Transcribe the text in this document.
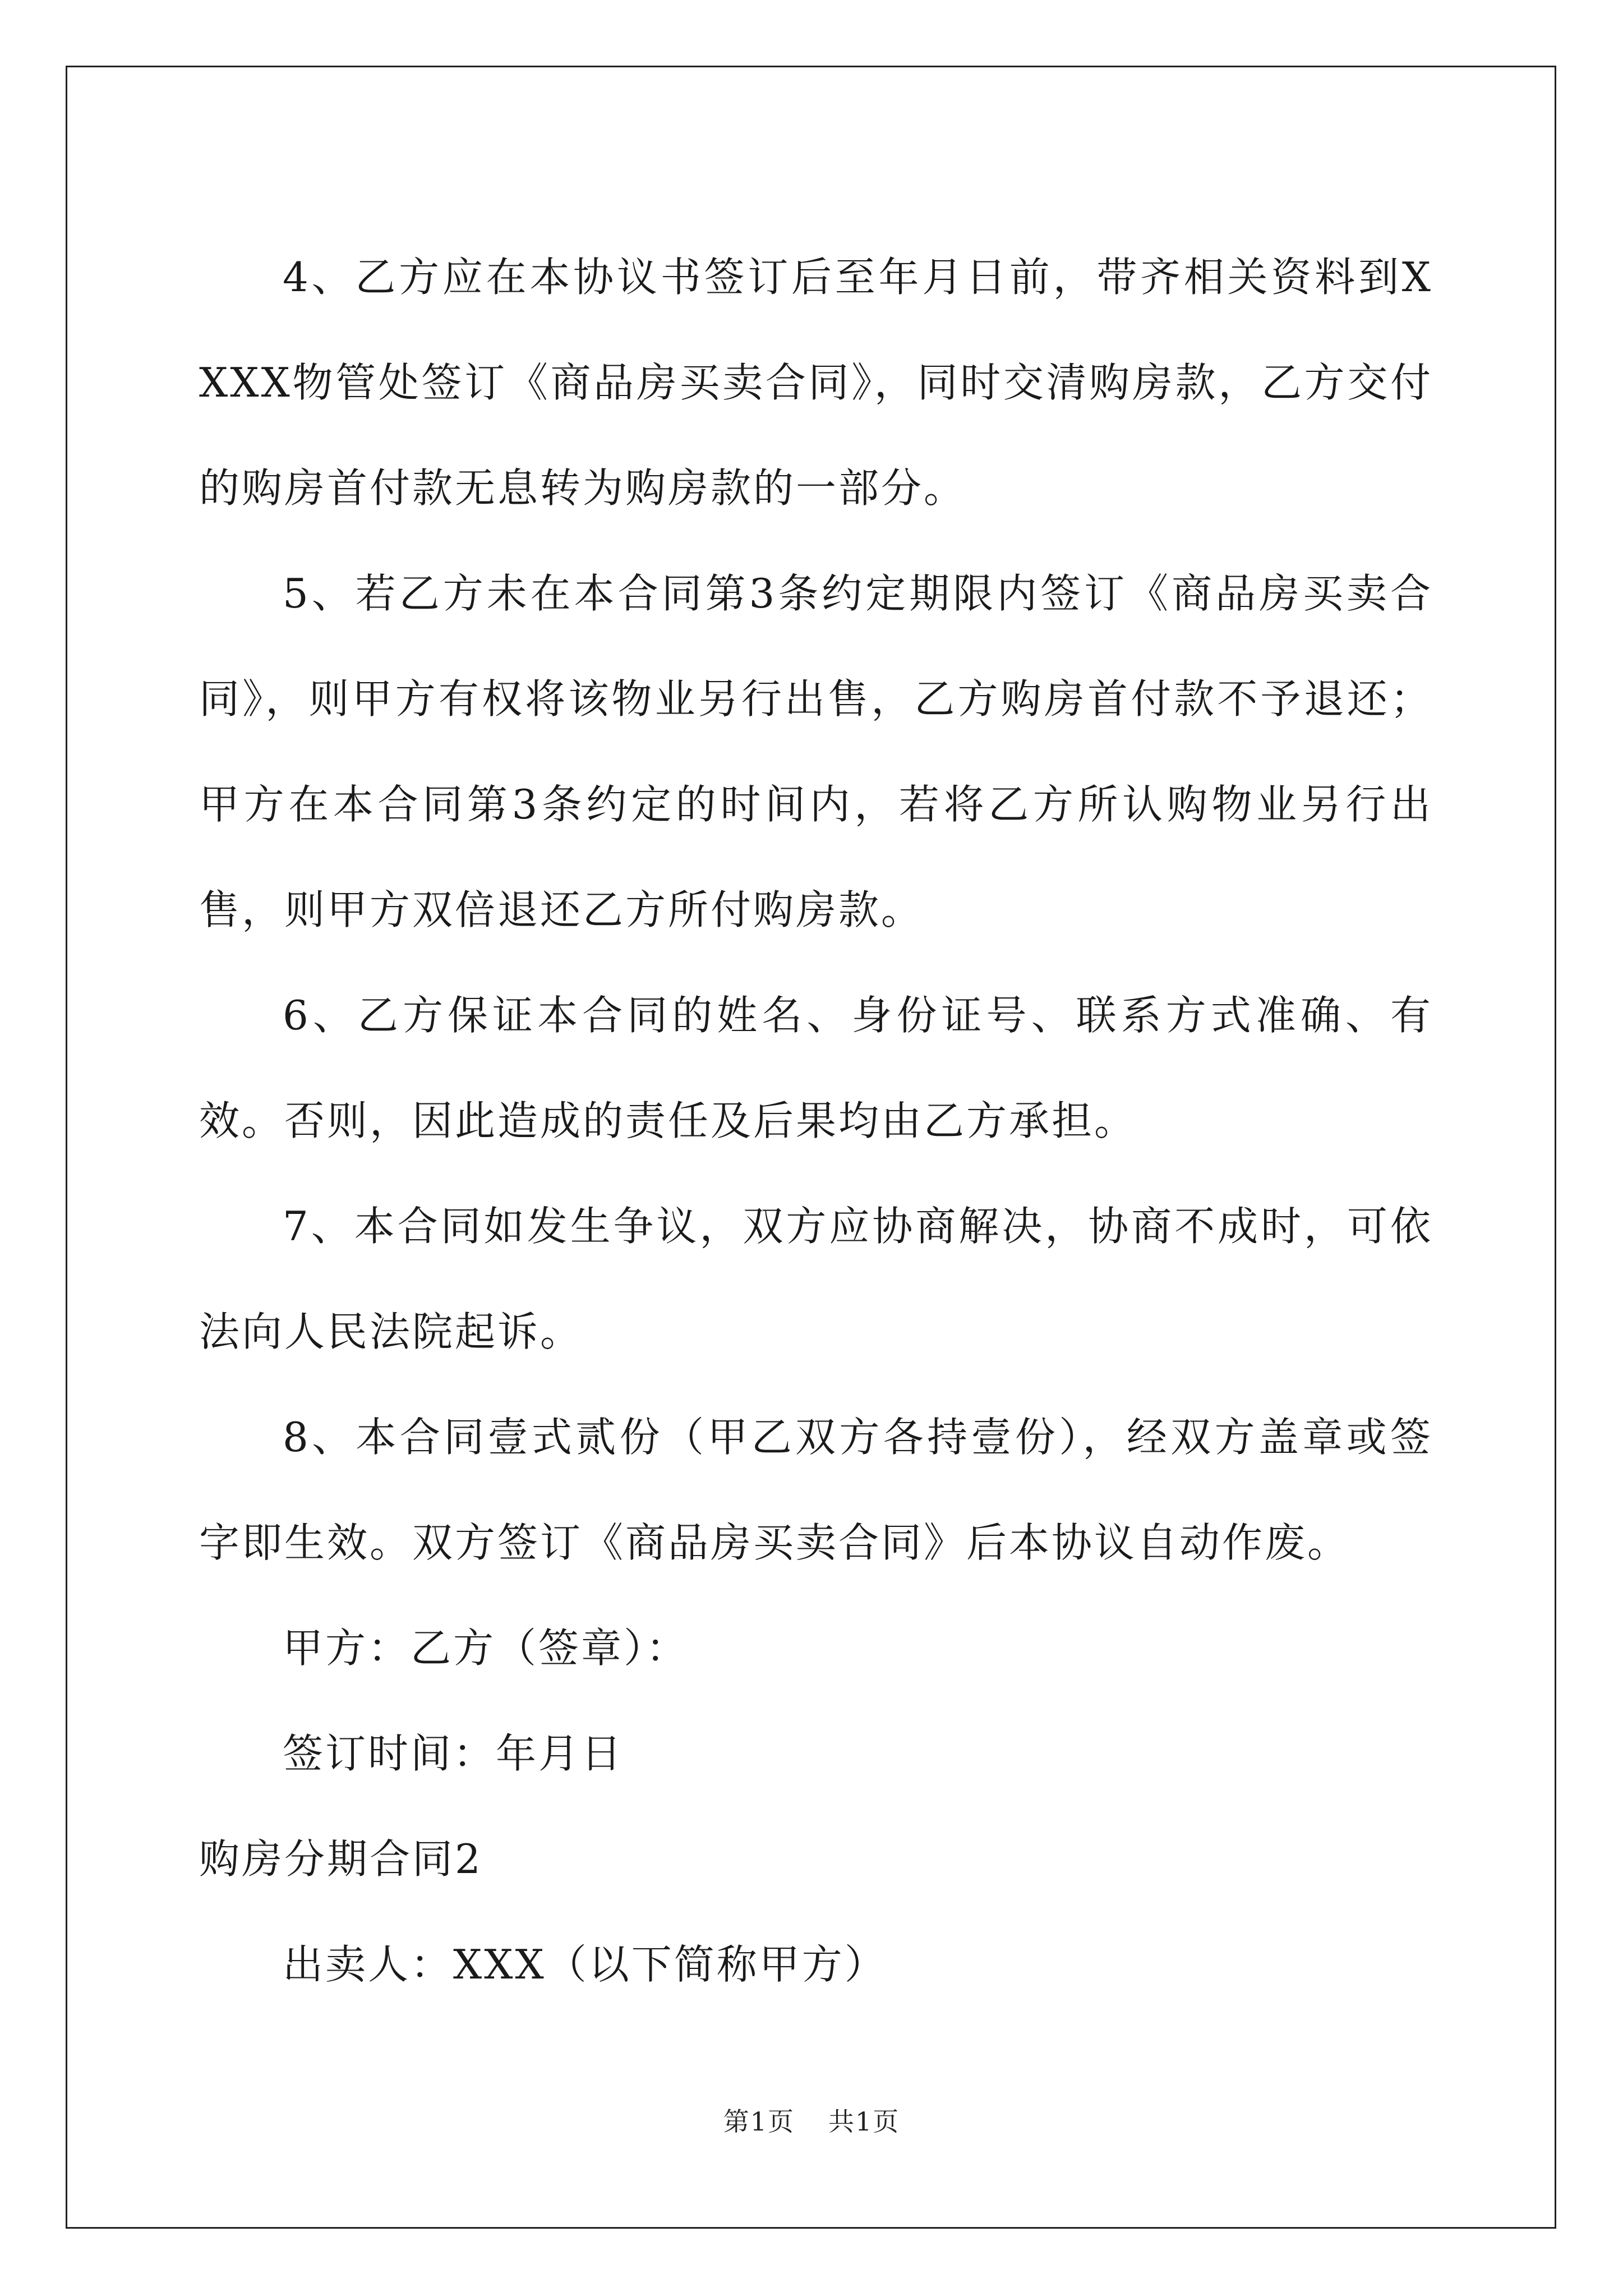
4、乙方应在本协议书签订后至年月日前，带齐相关资料到XXXX物管处签订《商品房买卖合同》，同时交清购房款，乙方交付的购房首付款无息转为购房款的一部分。

5、若乙方未在本合同第3条约定期限内签订《商品房买卖合同》，则甲方有权将该物业另行出售，乙方购房首付款不予退还；甲方在本合同第3条约定的时间内，若将乙方所认购物业另行出售，则甲方双倍退还乙方所付购房款。

6、乙方保证本合同的姓名、身份证号、联系方式准确、有效。否则，因此造成的责任及后果均由乙方承担。

7、本合同如发生争议，双方应协商解决，协商不成时，可依法向人民法院起诉。

8、本合同壹式贰份（甲乙双方各持壹份），经双方盖章或签字即生效。双方签订《商品房买卖合同》后本协议自动作废。

甲方：乙方（签章）：

签订时间：年月日

购房分期合同2

出卖人：XXX（以下简称甲方）

第1页 共1页
